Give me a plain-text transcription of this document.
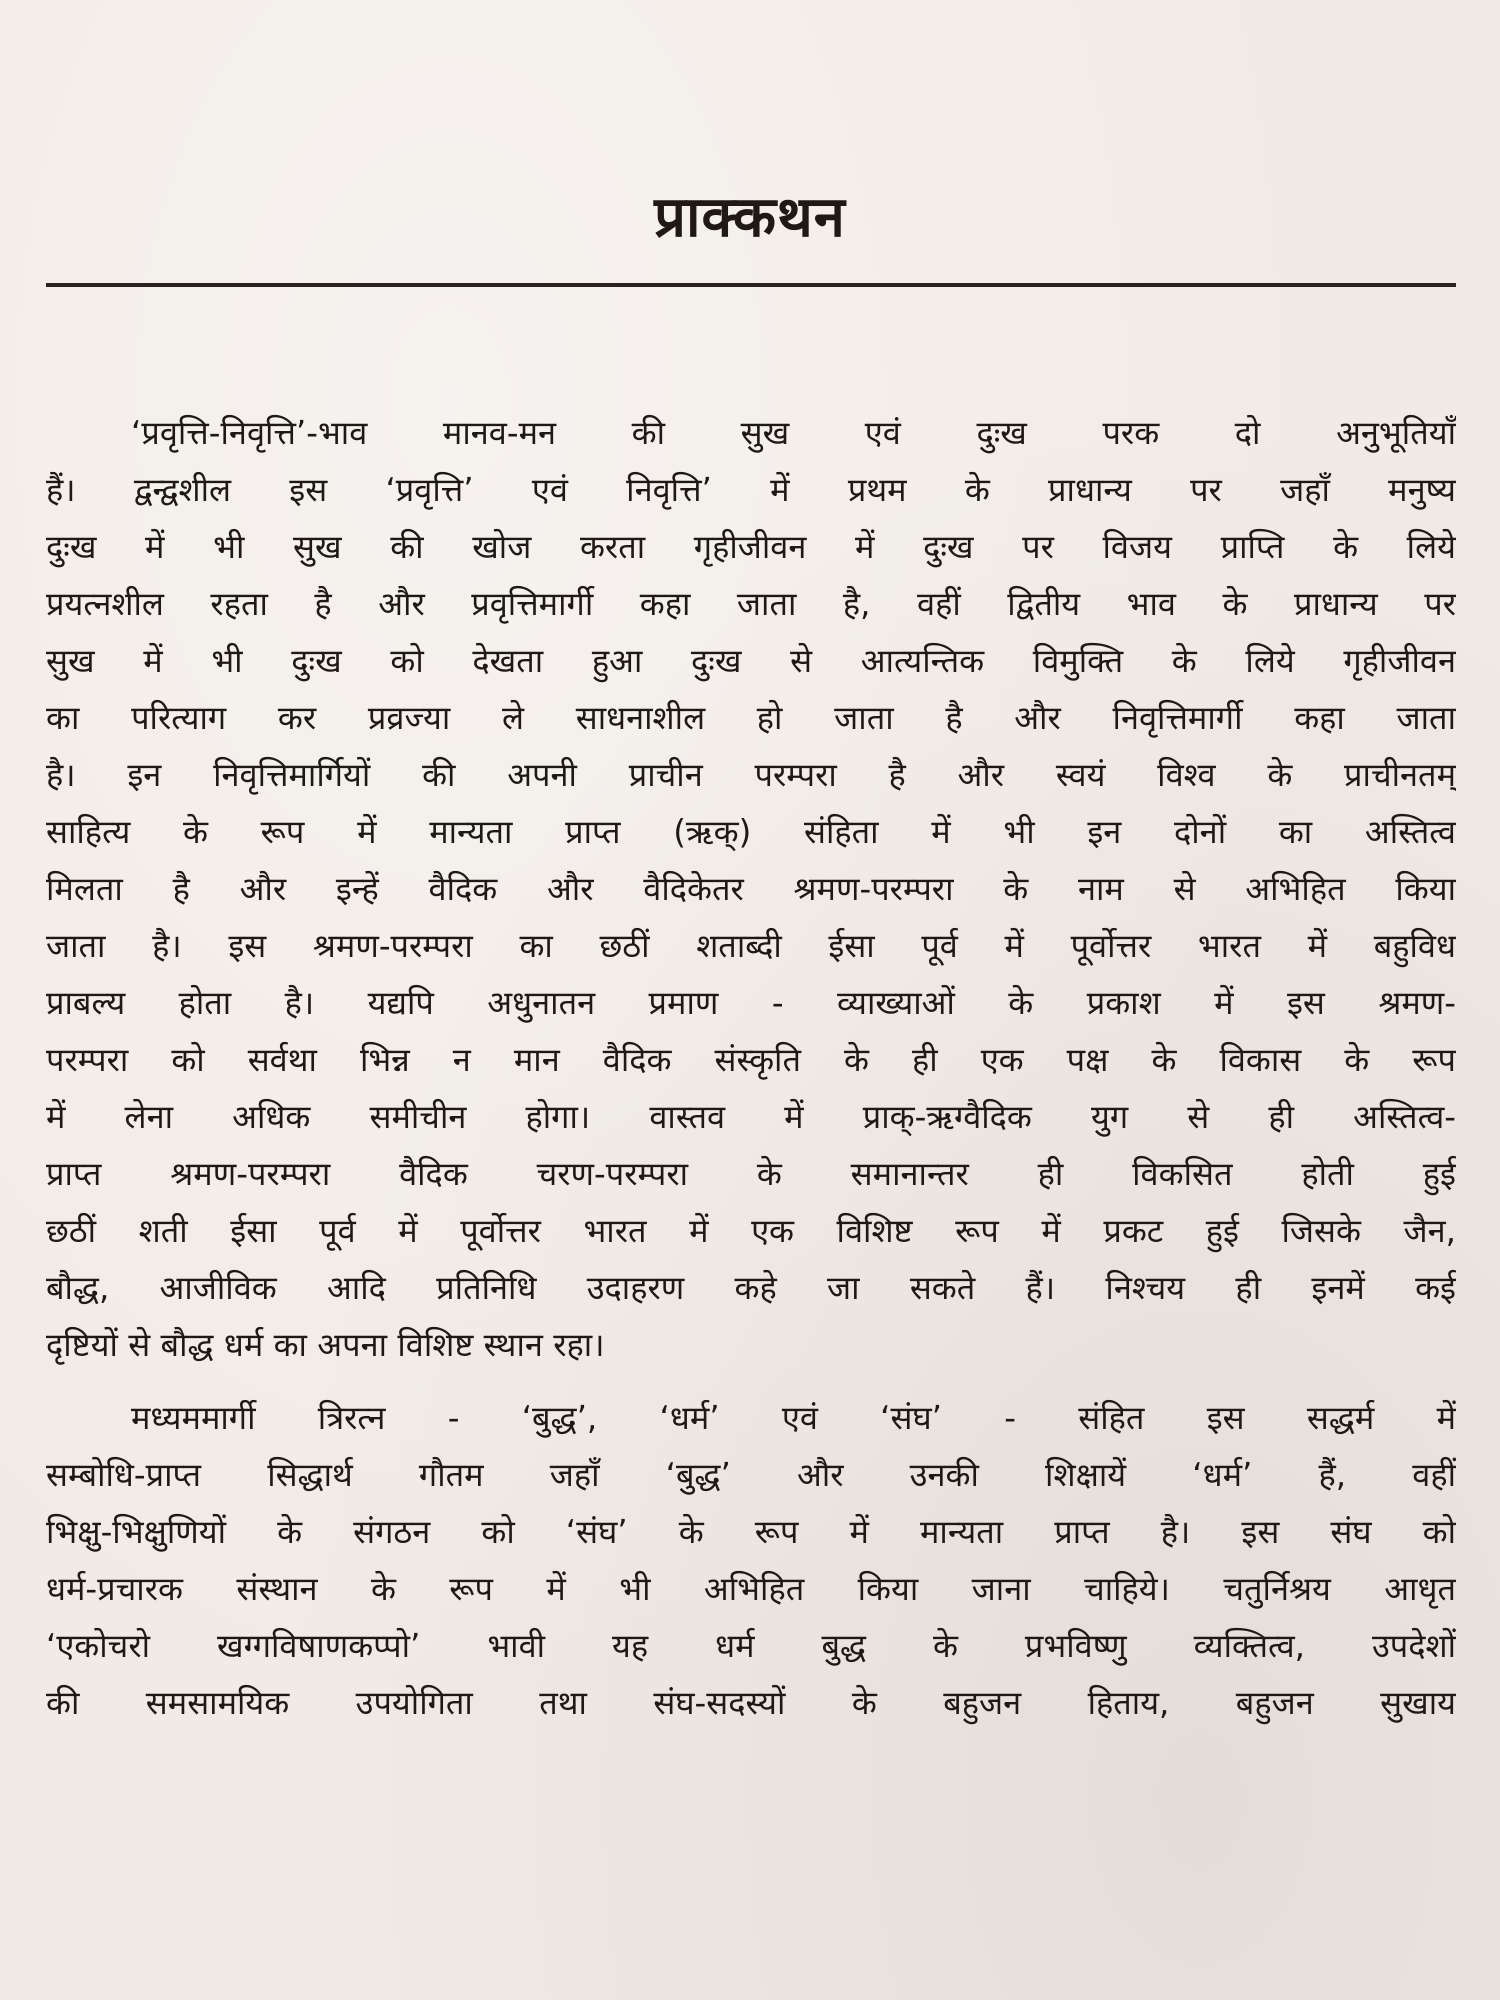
प्राक्कथन
‘प्रवृत्ति-निवृत्ति’-भाव मानव-मन की सुख एवं दुःख परक दो अनुभूतियाँ
हैं। द्वन्द्वशील इस ‘प्रवृत्ति’ एवं निवृत्ति’ में प्रथम के प्राधान्य पर जहाँ मनुष्य
दुःख में भी सुख की खोज करता गृहीजीवन में दुःख पर विजय प्राप्ति के लिये
प्रयत्नशील रहता है और प्रवृत्तिमार्गी कहा जाता है, वहीं द्वितीय भाव के प्राधान्य पर
सुख में भी दुःख को देखता हुआ दुःख से आत्यन्तिक विमुक्ति के लिये गृहीजीवन
का परित्याग कर प्रव्रज्या ले साधनाशील हो जाता है और निवृत्तिमार्गी कहा जाता
है। इन निवृत्तिमार्गियों की अपनी प्राचीन परम्परा है और स्वयं विश्व के प्राचीनतम्
साहित्य के रूप में मान्यता प्राप्त (ऋक्) संहिता में भी इन दोनों का अस्तित्व
मिलता है और इन्हें वैदिक और वैदिकेतर श्रमण-परम्परा के नाम से अभिहित किया
जाता है। इस श्रमण-परम्परा का छठीं शताब्दी ईसा पूर्व में पूर्वोत्तर भारत में बहुविध
प्राबल्य होता है। यद्यपि अधुनातन प्रमाण - व्याख्याओं के प्रकाश में इस श्रमण-
परम्परा को सर्वथा भिन्न न मान वैदिक संस्कृति के ही एक पक्ष के विकास के रूप
में लेना अधिक समीचीन होगा। वास्तव में प्राक्-ऋग्वैदिक युग से ही अस्तित्व-
प्राप्त श्रमण-परम्परा वैदिक चरण-परम्परा के समानान्तर ही विकसित होती हुई
छठीं शती ईसा पूर्व में पूर्वोत्तर भारत में एक विशिष्ट रूप में प्रकट हुई जिसके जैन,
बौद्ध, आजीविक आदि प्रतिनिधि उदाहरण कहे जा सकते हैं। निश्चय ही इनमें कई
दृष्टियों से बौद्ध धर्म का अपना विशिष्ट स्थान रहा।
मध्यममार्गी त्रिरत्न - ‘बुद्ध’, ‘धर्म’ एवं ‘संघ’ - संहित इस सद्धर्म में
सम्बोधि-प्राप्त सिद्धार्थ गौतम जहाँ ‘बुद्ध’ और उनकी शिक्षायें ‘धर्म’ हैं, वहीं
भिक्षु-भिक्षुणियों के संगठन को ‘संघ’ के रूप में मान्यता प्राप्त है। इस संघ को
धर्म-प्रचारक संस्थान के रूप में भी अभिहित किया जाना चाहिये। चतुर्निश्रय आधृत
‘एकोचरो खग्गविषाणकप्पो’ भावी यह धर्म बुद्ध के प्रभविष्णु व्यक्तित्व, उपदेशों
की समसामयिक उपयोगिता तथा संघ-सदस्यों के बहुजन हिताय, बहुजन सुखाय
